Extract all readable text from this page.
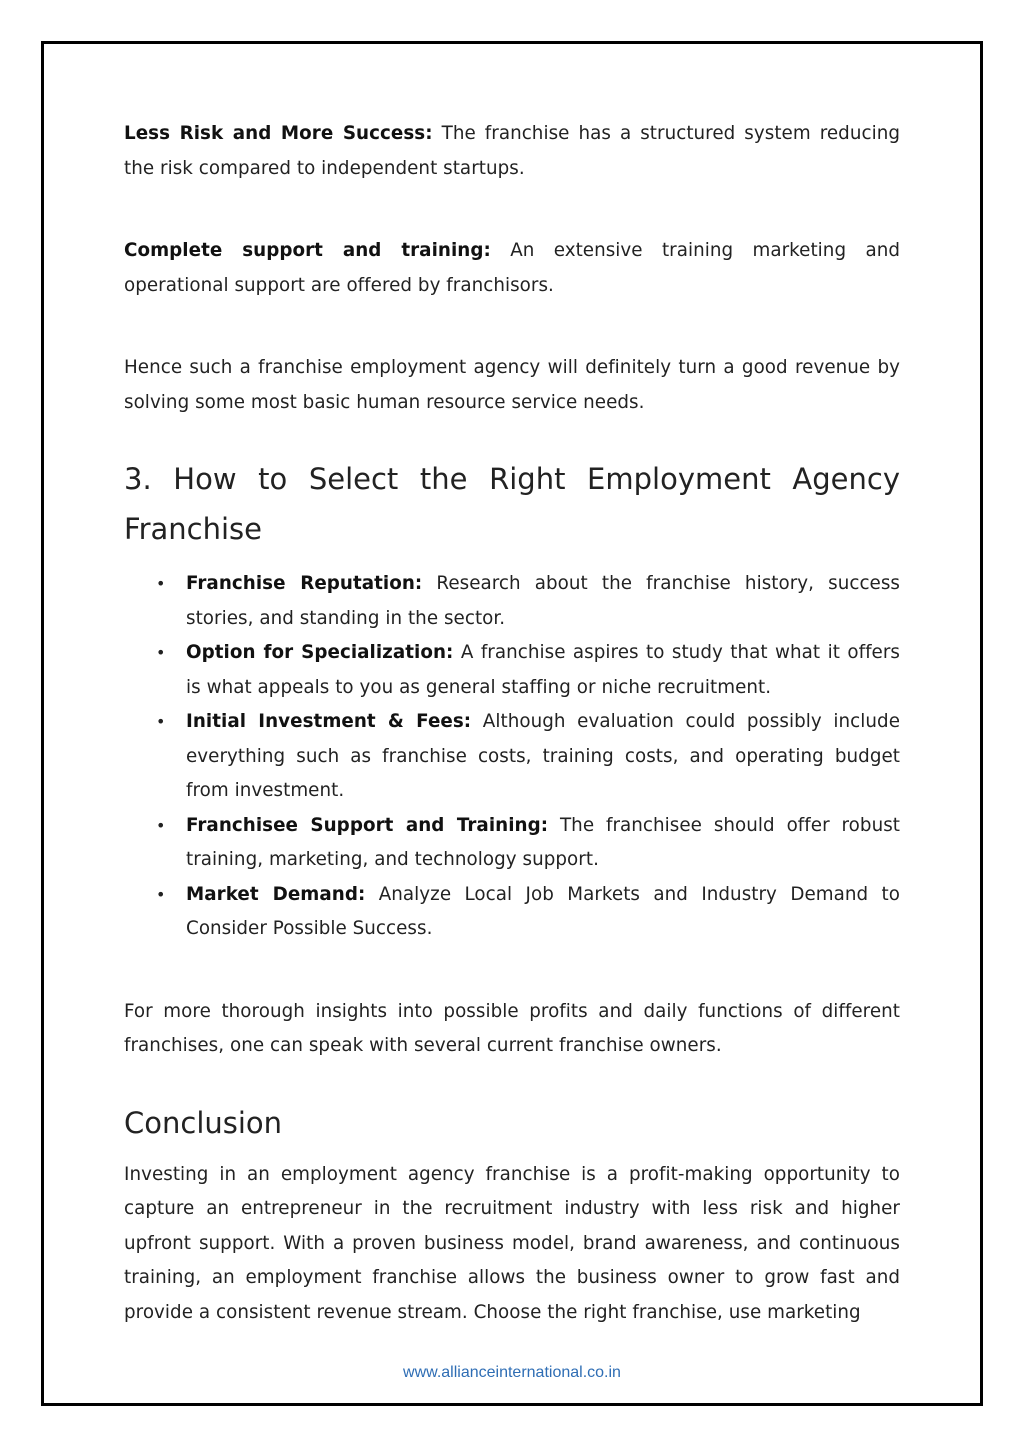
Less Risk and More Success: The franchise has a structured system reducing the risk compared to independent startups.

Complete support and training: An extensive training marketing and operational support are offered by franchisors.

Hence such a franchise employment agency will definitely turn a good revenue by solving some most basic human resource service needs.

3. How to Select the Right Employment Agency Franchise
• Franchise Reputation: Research about the franchise history, success stories, and standing in the sector.
• Option for Specialization: A franchise aspires to study that what it offers is what appeals to you as general staffing or niche recruitment.
• Initial Investment & Fees: Although evaluation could possibly include everything such as franchise costs, training costs, and operating budget from investment.
• Franchisee Support and Training: The franchisee should offer robust training, marketing, and technology support.
• Market Demand: Analyze Local Job Markets and Industry Demand to Consider Possible Success.

For more thorough insights into possible profits and daily functions of different franchises, one can speak with several current franchise owners.

Conclusion

Investing in an employment agency franchise is a profit-making opportunity to capture an entrepreneur in the recruitment industry with less risk and higher upfront support. With a proven business model, brand awareness, and continuous training, an employment franchise allows the business owner to grow fast and provide a consistent revenue stream. Choose the right franchise, use marketing

www.allianceinternational.co.in
